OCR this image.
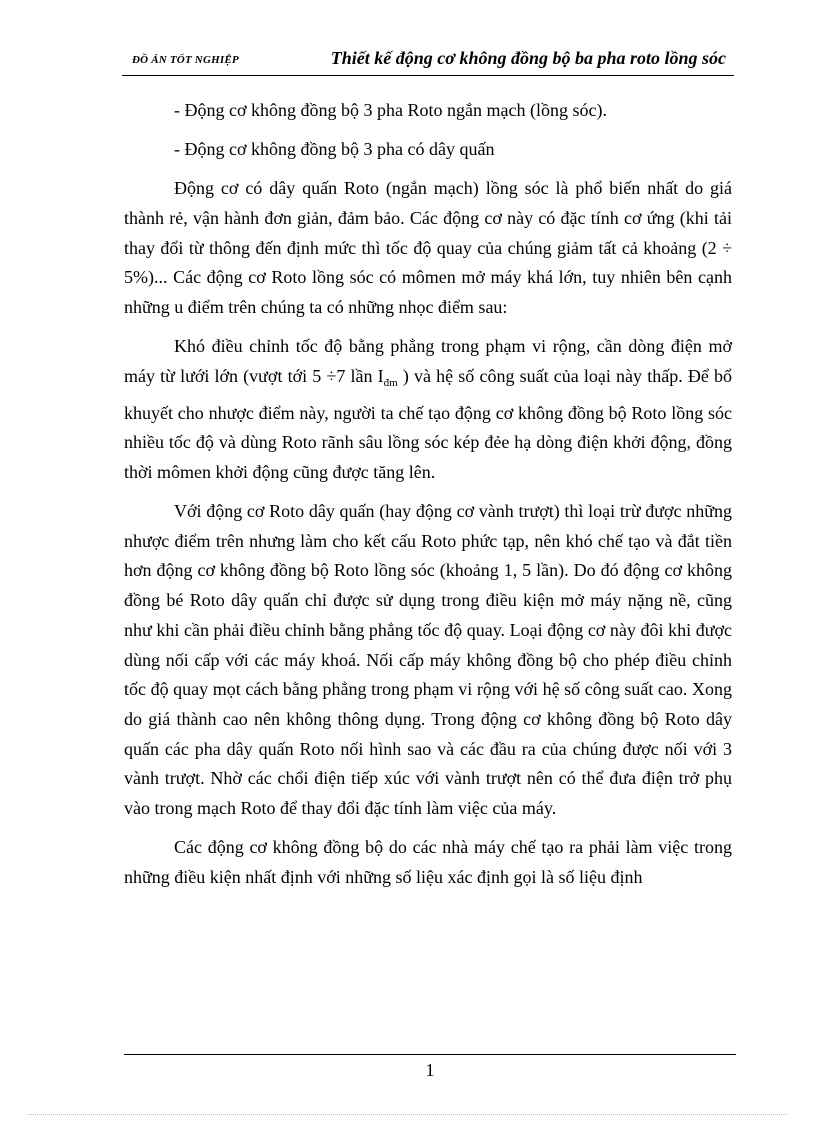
ĐỒ ÁN TỐT NGHIỆP	Thiết kế động cơ không đồng bộ ba pha roto lồng sóc

- Động cơ không đồng bộ 3 pha Roto ngắn mạch (lồng sóc).

- Động cơ không đồng bộ 3 pha có dây quấn

Động cơ có dây quấn Roto (ngắn mạch) lồng sóc là phổ biến nhất do giá thành rẻ, vận hành đơn giản, đảm bảo. Các động cơ này có đặc tính cơ ứng (khi tải thay đổi từ thông đến định mức thì tốc độ quay của chúng giảm tất cả khoảng (2 ÷ 5%)... Các động cơ Roto lồng sóc có mômen mở máy khá lớn, tuy nhiên bên cạnh những u điểm trên chúng ta có những nhọc điểm sau:

Khó điều chỉnh tốc độ bằng phẳng trong phạm vi rộng, cần dòng điện mở máy từ lưới lớn (vượt tới 5 ÷7 lần $I_{đm}$ ) và hệ số công suất của loại này thấp. Để bổ khuyết cho nhược điểm này, người ta chế tạo động cơ không đồng bộ Roto lồng sóc nhiều tốc độ và dùng Roto rãnh sâu lồng sóc kép đẻe hạ dòng điện khởi động, đồng thời mômen khởi động cũng được tăng lên.

Với động cơ Roto dây quấn (hay động cơ vành trượt) thì loại trừ được những nhược điểm trên nhưng làm cho kết cấu Roto phức tạp, nên khó chế tạo và đắt tiền hơn động cơ không đồng bộ Roto lồng sóc (khoảng 1, 5 lần). Do đó động cơ không đồng bé Roto dây quấn chỉ được sử dụng trong điều kiện mở máy nặng nề, cũng như khi cần phải điều chỉnh bằng phẳng tốc độ quay. Loại động cơ này đôi khi được dùng nối cấp với các máy khoá. Nối cấp máy không đồng bộ cho phép điều chỉnh tốc độ quay mọt cách bằng phẳng trong phạm vi rộng với hệ số công suất cao. Xong do giá thành cao nên không thông dụng. Trong động cơ không đồng bộ Roto dây quấn các pha dây quấn Roto nối hình sao và các đầu ra của chúng được nối với 3 vành trượt. Nhờ các chổi điện tiếp xúc với vành trượt nên có thể đưa điện trở phụ vào trong mạch Roto để thay đổi đặc tính làm việc của máy.

Các động cơ không đồng bộ do các nhà máy chế tạo ra phải làm việc trong những điều kiện nhất định với những số liệu xác định gọi là số liệu định

1
